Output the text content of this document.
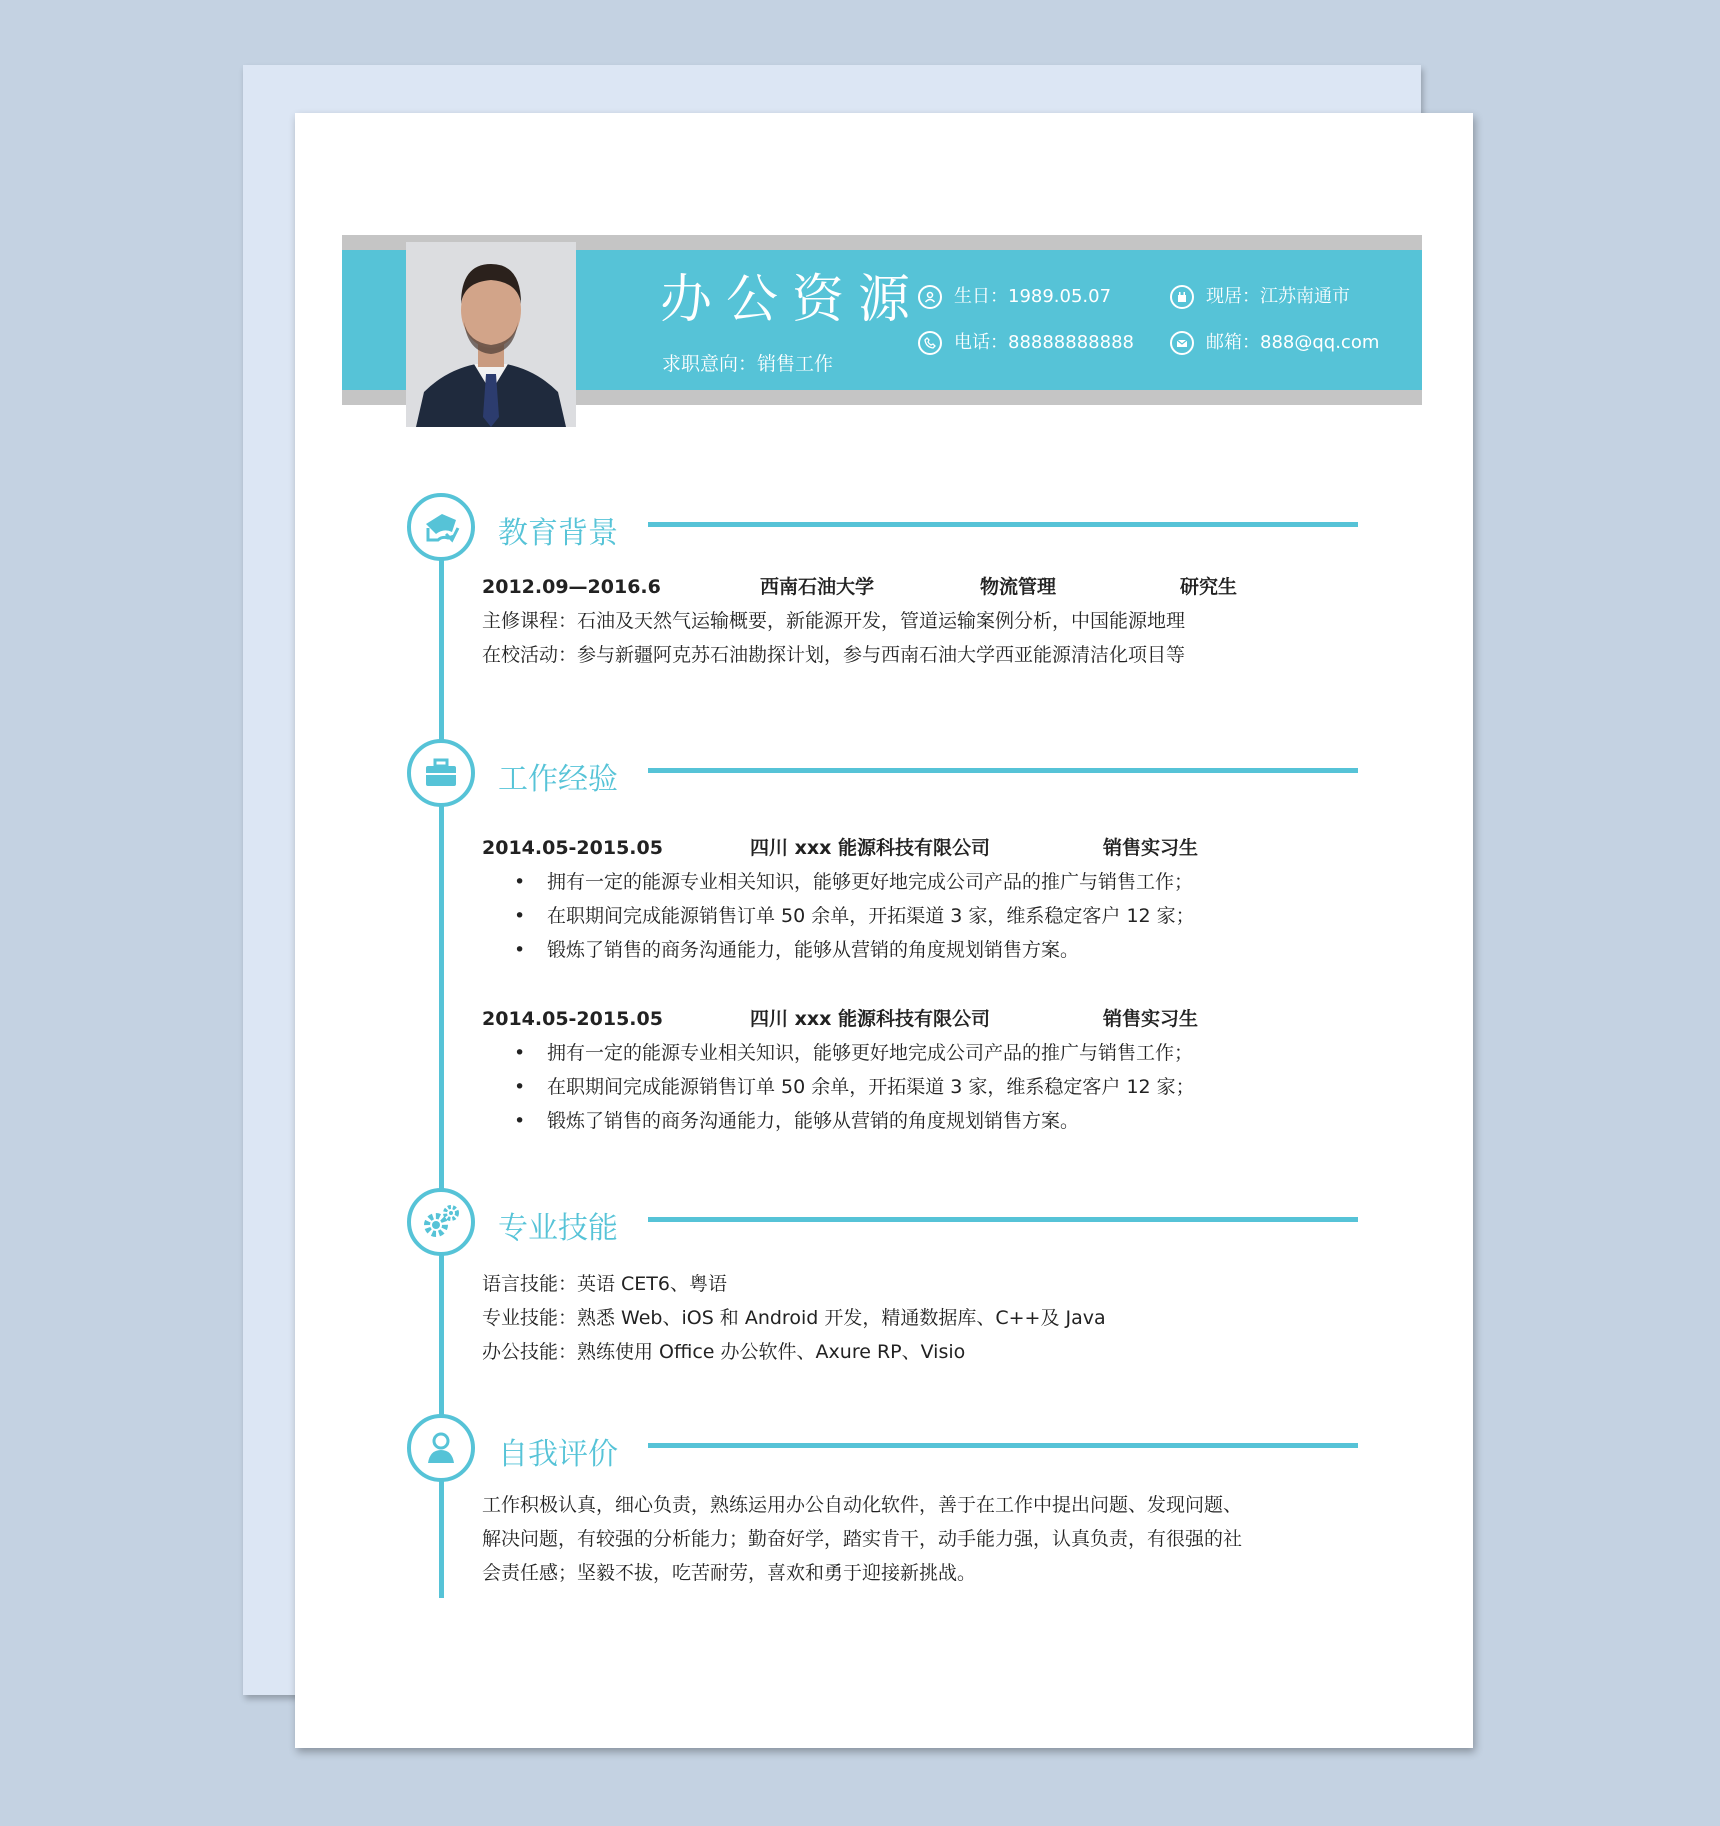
办公资源
求职意向：销售工作
生日：1989.05.07	现居：江苏南通市
电话：88888888888	邮箱：888@qq.com
教育背景
2012.09—2016.6	西南石油大学	物流管理	研究生
主修课程：石油及天然气运输概要，新能源开发，管道运输案例分析，中国能源地理
在校活动：参与新疆阿克苏石油勘探计划，参与西南石油大学西亚能源清洁化项目等
工作经验
2014.05-2015.05	四川 xxx 能源科技有限公司	销售实习生
• 拥有一定的能源专业相关知识，能够更好地完成公司产品的推广与销售工作；
• 在职期间完成能源销售订单 50 余单，开拓渠道 3 家，维系稳定客户 12 家；
• 锻炼了销售的商务沟通能力，能够从营销的角度规划销售方案。
2014.05-2015.05	四川 xxx 能源科技有限公司	销售实习生
• 拥有一定的能源专业相关知识，能够更好地完成公司产品的推广与销售工作；
• 在职期间完成能源销售订单 50 余单，开拓渠道 3 家，维系稳定客户 12 家；
• 锻炼了销售的商务沟通能力，能够从营销的角度规划销售方案。
专业技能
语言技能：英语 CET6、粤语
专业技能：熟悉 Web、iOS 和 Android 开发，精通数据库、C++及 Java
办公技能：熟练使用 Office 办公软件、Axure RP、Visio
自我评价
工作积极认真，细心负责，熟练运用办公自动化软件，善于在工作中提出问题、发现问题、
解决问题，有较强的分析能力；勤奋好学，踏实肯干，动手能力强，认真负责，有很强的社
会责任感；坚毅不拔，吃苦耐劳，喜欢和勇于迎接新挑战。
